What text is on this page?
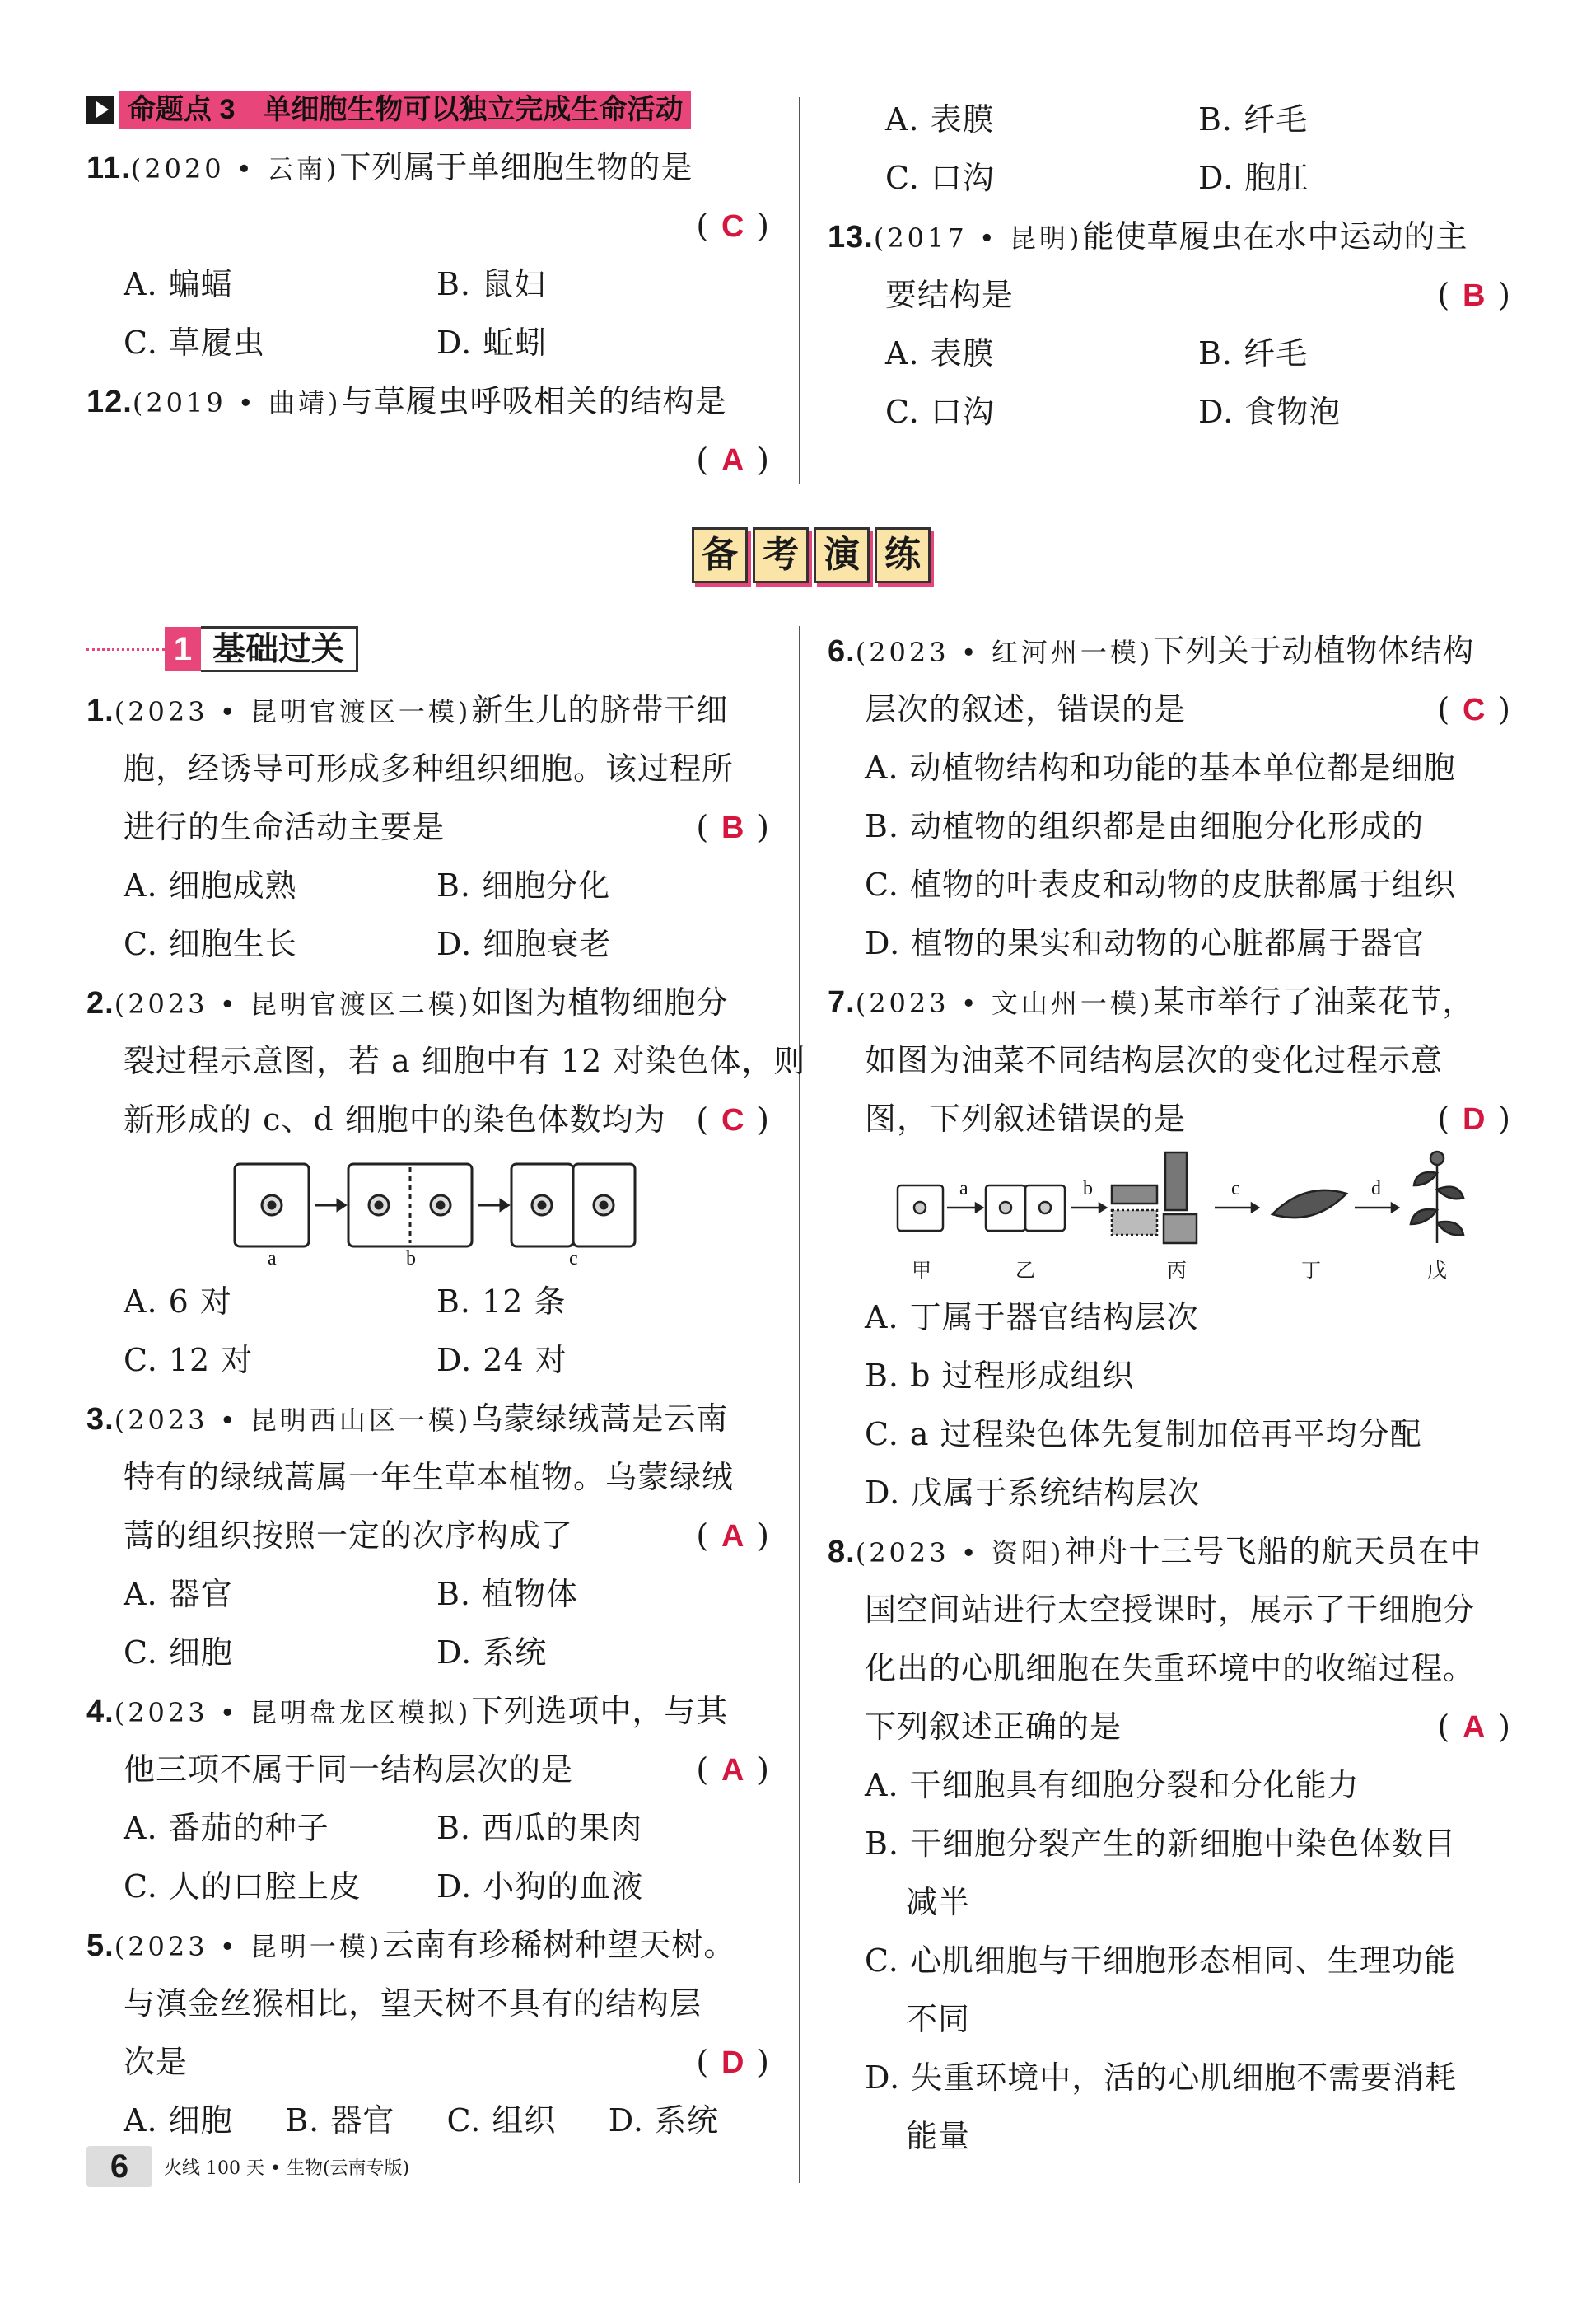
命题点 3　单细胞生物可以独立完成生命活动
11.(2020 • 云南)下列属于单细胞生物的是
( C )
A. 蝙蝠	B. 鼠妇
C. 草履虫	D. 蚯蚓
12.(2019 • 曲靖)与草履虫呼吸相关的结构是
( A )
A. 表膜	B. 纤毛
C. 口沟	D. 胞肛
13.(2017 • 昆明)能使草履虫在水中运动的主
要结构是	( B )
A. 表膜	B. 纤毛
C. 口沟	D. 食物泡
备 考 演 练
1 基础过关
1.(2023 • 昆明官渡区一模)新生儿的脐带干细
胞，经诱导可形成多种组织细胞。该过程所
进行的生命活动主要是	( B )
A. 细胞成熟	B. 细胞分化
C. 细胞生长	D. 细胞衰老
2.(2023 • 昆明官渡区二模)如图为植物细胞分
裂过程示意图，若 a 细胞中有 12 对染色体，则
新形成的 c、d 细胞中的染色体数均为 ( C )
a	b	c
A. 6 对	B. 12 条
C. 12 对	D. 24 对
3.(2023 • 昆明西山区一模)乌蒙绿绒蒿是云南
特有的绿绒蒿属一年生草本植物。乌蒙绿绒
蒿的组织按照一定的次序构成了	( A )
A. 器官	B. 植物体
C. 细胞	D. 系统
4.(2023 • 昆明盘龙区模拟)下列选项中，与其
他三项不属于同一结构层次的是	( A )
A. 番茄的种子	B. 西瓜的果肉
C. 人的口腔上皮	D. 小狗的血液
5.(2023 • 昆明一模)云南有珍稀树种望天树。
与滇金丝猴相比，望天树不具有的结构层
次是	( D )
A. 细胞	B. 器官	C. 组织	D. 系统
6.(2023 • 红河州一模)下列关于动植物体结构
层次的叙述，错误的是	( C )
A. 动植物结构和功能的基本单位都是细胞
B. 动植物的组织都是由细胞分化形成的
C. 植物的叶表皮和动物的皮肤都属于组织
D. 植物的果实和动物的心脏都属于器官
7.(2023 • 文山州一模)某市举行了油菜花节，
如图为油菜不同结构层次的变化过程示意
图，下列叙述错误的是	( D )
a	b	c	d
甲	乙	丙	丁	戊
A. 丁属于器官结构层次
B. b 过程形成组织
C. a 过程染色体先复制加倍再平均分配
D. 戊属于系统结构层次
8.(2023 • 资阳)神舟十三号飞船的航天员在中
国空间站进行太空授课时，展示了干细胞分
化出的心肌细胞在失重环境中的收缩过程。
下列叙述正确的是	( A )
A. 干细胞具有细胞分裂和分化能力
B. 干细胞分裂产生的新细胞中染色体数目
减半
C. 心肌细胞与干细胞形态相同、生理功能
不同
D. 失重环境中，活的心肌细胞不需要消耗
能量
6	火线 100 天 • 生物(云南专版)
